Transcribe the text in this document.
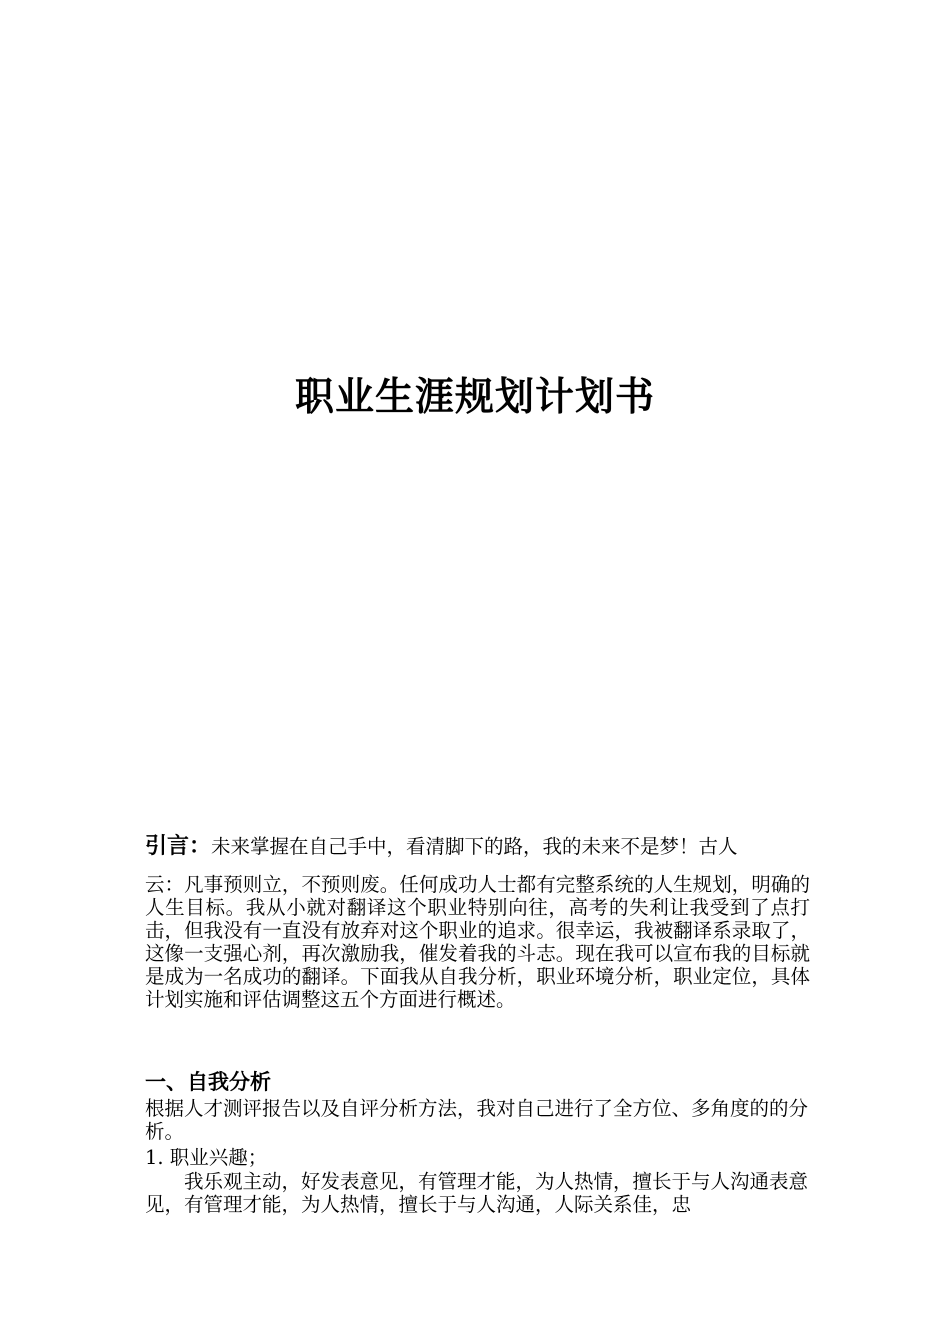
职业生涯规划计划书

引言：未来掌握在自己手中，看清脚下的路，我的未来不是梦！古人

云：凡事预则立，不预则废。任何成功人士都有完整系统的人生规划，明确的人生目标。我从小就对翻译这个职业特别向往，高考的失利让我受到了点打击，但我没有一直没有放弃对这个职业的追求。很幸运，我被翻译系录取了，这像一支强心剂，再次激励我，催发着我的斗志。现在我可以宣布我的目标就是成为一名成功的翻译。下面我从自我分析，职业环境分析，职业定位，具体计划实施和评估调整这五个方面进行概述。

一、自我分析

根据人才测评报告以及自评分析方法，我对自己进行了全方位、多角度的的分析。

1. 职业兴趣；

我乐观主动，好发表意见，有管理才能，为人热情，擅长于与人沟通表意见，有管理才能，为人热情，擅长于与人沟通，人际关系佳，忠
